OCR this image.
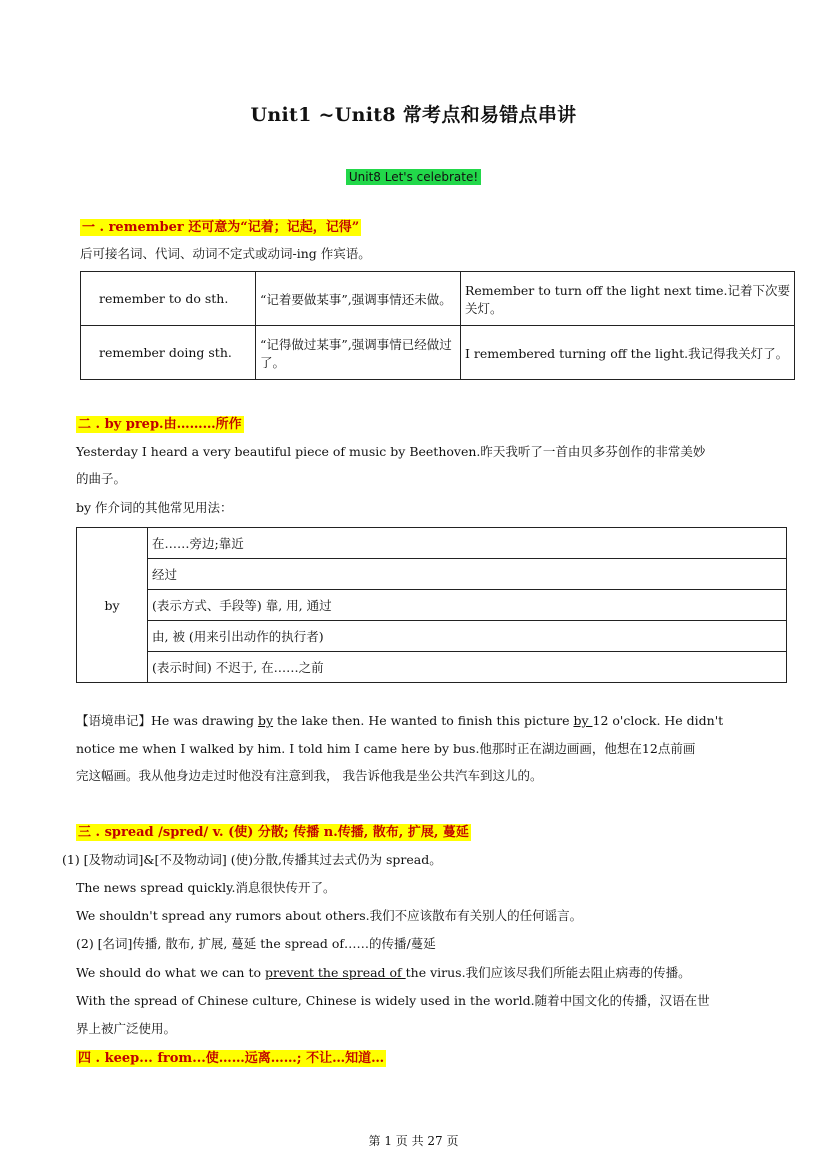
Unit1 ~Unit8 常考点和易错点串讲
Unit8 Let's celebrate!
一 . remember 还可意为“记着；记起，记得”
后可接名词、代词、动词不定式或动词-ing 作宾语。
remember to do sth.	“记着要做某事”,强调事情还未做。	Remember to turn off the light next time.记着下次要关灯。
remember doing sth.	“记得做过某事”,强调事情已经做过了。	I remembered turning off the light.我记得我关灯了。
二 . by prep.由………所作
Yesterday I heard a very beautiful piece of music by Beethoven.昨天我听了一首由贝多芬创作的非常美妙
的曲子。
by 作介词的其他常见用法：
by	在……旁边;靠近
经过
(表示方式、手段等) 靠, 用, 通过
由, 被 (用来引出动作的执行者)
(表示时间) 不迟于, 在……之前
【语境串记】He was drawing by the lake then. He wanted to finish this picture by 12 o'clock. He didn't
notice me when I walked by him. I told him I came here by bus.他那时正在湖边画画，他想在12点前画
完这幅画。我从他身边走过时他没有注意到我， 我告诉他我是坐公共汽车到这儿的。
三 . spread /spred/ v. (使) 分散; 传播 n.传播, 散布, 扩展, 蔓延
(1) [及物动词]&[不及物动词] (使)分散,传播其过去式仍为 spread。
The news spread quickly.消息很快传开了。
We shouldn't spread any rumors about others.我们不应该散布有关别人的任何谣言。
(2) [名词]传播, 散布, 扩展, 蔓延 the spread of……的传播/蔓延
We should do what we can to prevent the spread of the virus.我们应该尽我们所能去阻止病毒的传播。
With the spread of Chinese culture, Chinese is widely used in the world.随着中国文化的传播，汉语在世
界上被广泛使用。
四 . keep... from...使……远离……; 不让…知道…
第 1 页 共 27 页
